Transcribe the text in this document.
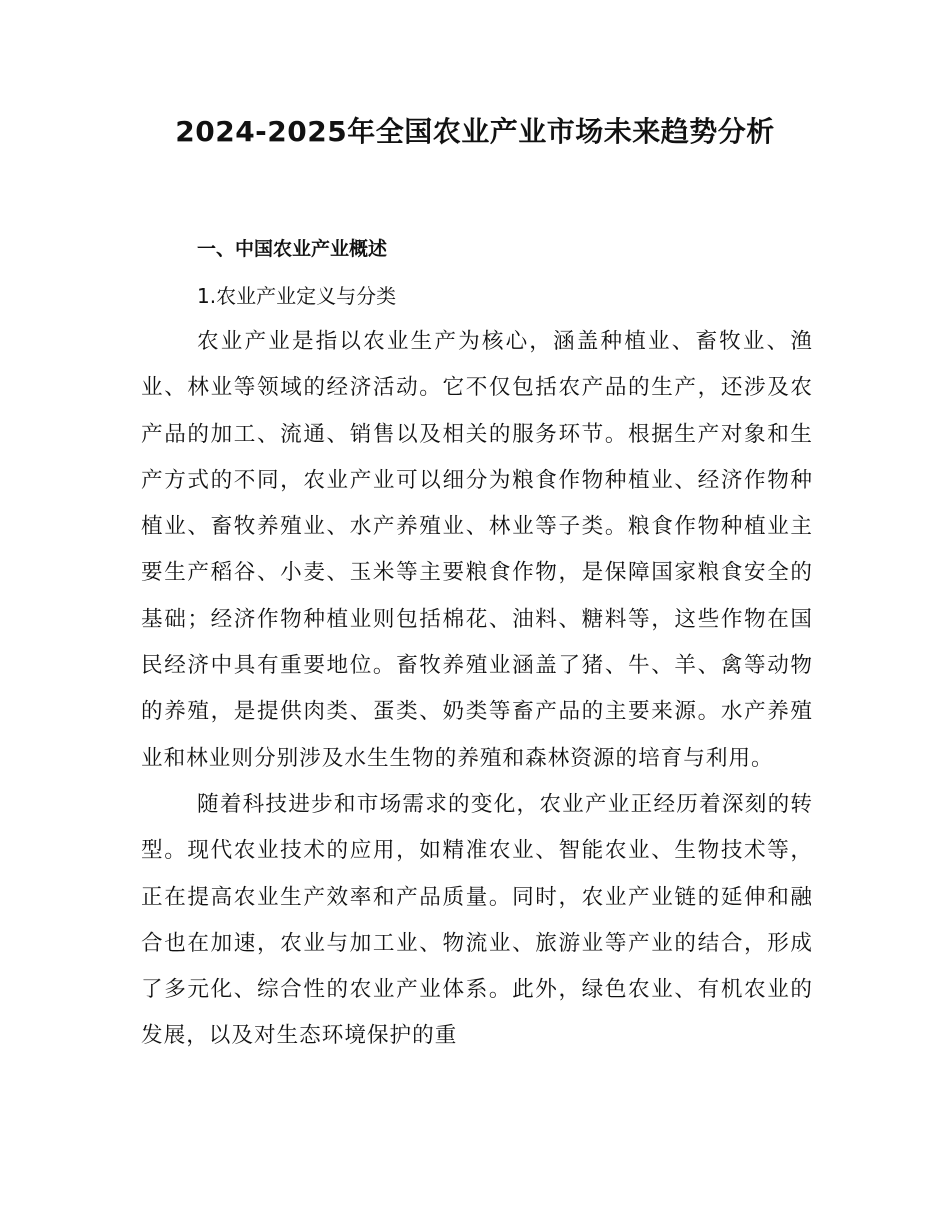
2024-2025年全国农业产业市场未来趋势分析
一、中国农业产业概述
1.农业产业定义与分类

农业产业是指以农业生产为核心，涵盖种植业、畜牧业、渔业、林业等领域的经济活动。它不仅包括农产品的生产，还涉及农产品的加工、流通、销售以及相关的服务环节。根据生产对象和生产方式的不同，农业产业可以细分为粮食作物种植业、经济作物种植业、畜牧养殖业、水产养殖业、林业等子类。粮食作物种植业主要生产稻谷、小麦、玉米等主要粮食作物，是保障国家粮食安全的基础；经济作物种植业则包括棉花、油料、糖料等，这些作物在国民经济中具有重要地位。畜牧养殖业涵盖了猪、牛、羊、禽等动物的养殖，是提供肉类、蛋类、奶类等畜产品的主要来源。水产养殖业和林业则分别涉及水生生物的养殖和森林资源的培育与利用。

随着科技进步和市场需求的变化，农业产业正经历着深刻的转型。现代农业技术的应用，如精准农业、智能农业、生物技术等，正在提高农业生产效率和产品质量。同时，农业产业链的延伸和融合也在加速，农业与加工业、物流业、旅游业等产业的结合，形成了多元化、综合性的农业产业体系。此外，绿色农业、有机农业的发展，以及对生态环境保护的重
